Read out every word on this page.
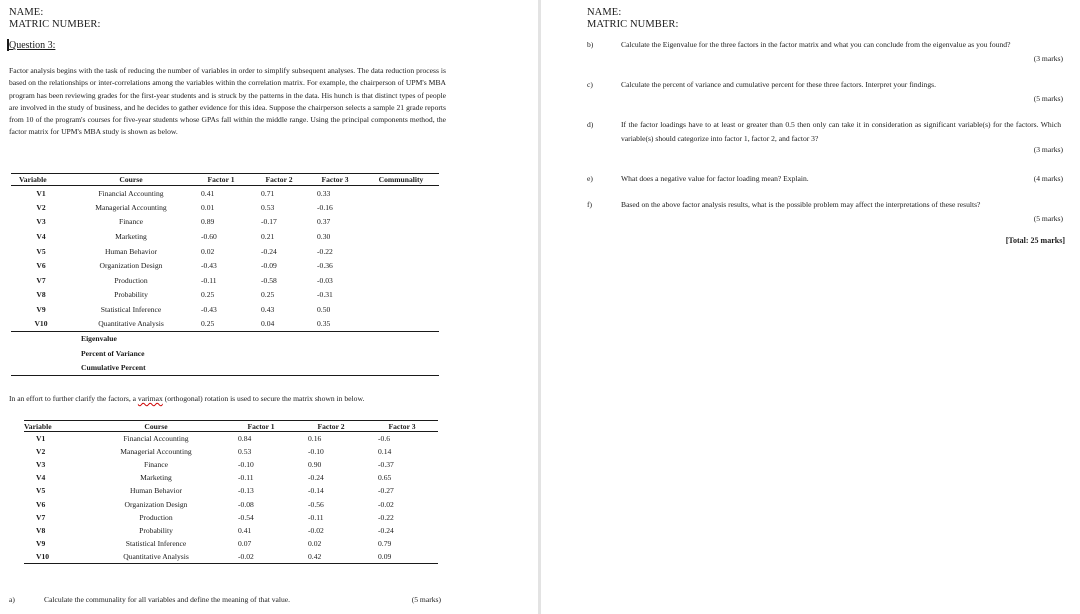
NAME:
MATRIC NUMBER:
Question 3:
Factor analysis begins with the task of reducing the number of variables in order to simplify subsequent analyses. The data reduction process is based on the relationships or inter-correlations among the variables within the correlation matrix. For example, the chairperson of UPM's MBA program has been reviewing grades for the first-year students and is struck by the patterns in the data. His hunch is that distinct types of people are involved in the study of business, and he decides to gather evidence for this idea. Suppose the chairperson selects a sample 21 grade reports from 10 of the program's courses for five-year students whose GPAs fall within the middle range. Using the principal components method, the factor matrix for UPM's MBA study is shown as below.
Variable	Course	Factor 1	Factor 2	Factor 3	Communality
V1	Financial Accounting	0.41	0.71	0.33	
V2	Managerial Accounting	0.01	0.53	-0.16	
V3	Finance	0.89	-0.17	0.37	
V4	Marketing	-0.60	0.21	0.30	
V5	Human Behavior	0.02	-0.24	-0.22	
V6	Organization Design	-0.43	-0.09	-0.36	
V7	Production	-0.11	-0.58	-0.03	
V8	Probability	0.25	0.25	-0.31	
V9	Statistical Inference	-0.43	0.43	0.50	
V10	Quantitative Analysis	0.25	0.04	0.35	
	Eigenvalue				
	Percent of Variance				
	Cumulative Percent				
In an effort to further clarify the factors, a varimax (orthogonal) rotation is used to secure the matrix shown in below.
Variable	Course	Factor 1	Factor 2	Factor 3
V1	Financial Accounting	0.84	0.16	-0.6
V2	Managerial Accounting	0.53	-0.10	0.14
V3	Finance	-0.10	0.90	-0.37
V4	Marketing	-0.11	-0.24	0.65
V5	Human Behavior	-0.13	-0.14	-0.27
V6	Organization Design	-0.08	-0.56	-0.02
V7	Production	-0.54	-0.11	-0.22
V8	Probability	0.41	-0.02	-0.24
V9	Statistical Inference	0.07	0.02	0.79
V10	Quantitative Analysis	-0.02	0.42	0.09
a)	Calculate the communality for all variables and define the meaning of that value.	(5 marks)
NAME:
MATRIC NUMBER:
b)	Calculate the Eigenvalue for the three factors in the factor matrix and what you can conclude from the eigenvalue as you found?
(3 marks)
c)	Calculate the percent of variance and cumulative percent for these three factors. Interpret your findings.
(5 marks)
d)	If the factor loadings have to at least or greater than 0.5 then only can take it in consideration as significant variable(s) for the factors. Which variable(s) should categorize into factor 1, factor 2, and factor 3?
(3 marks)
e)	What does a negative value for factor loading mean? Explain.	(4 marks)
f)	Based on the above factor analysis results, what is the possible problem may affect the interpretations of these results?
(5 marks)
[Total: 25 marks]
